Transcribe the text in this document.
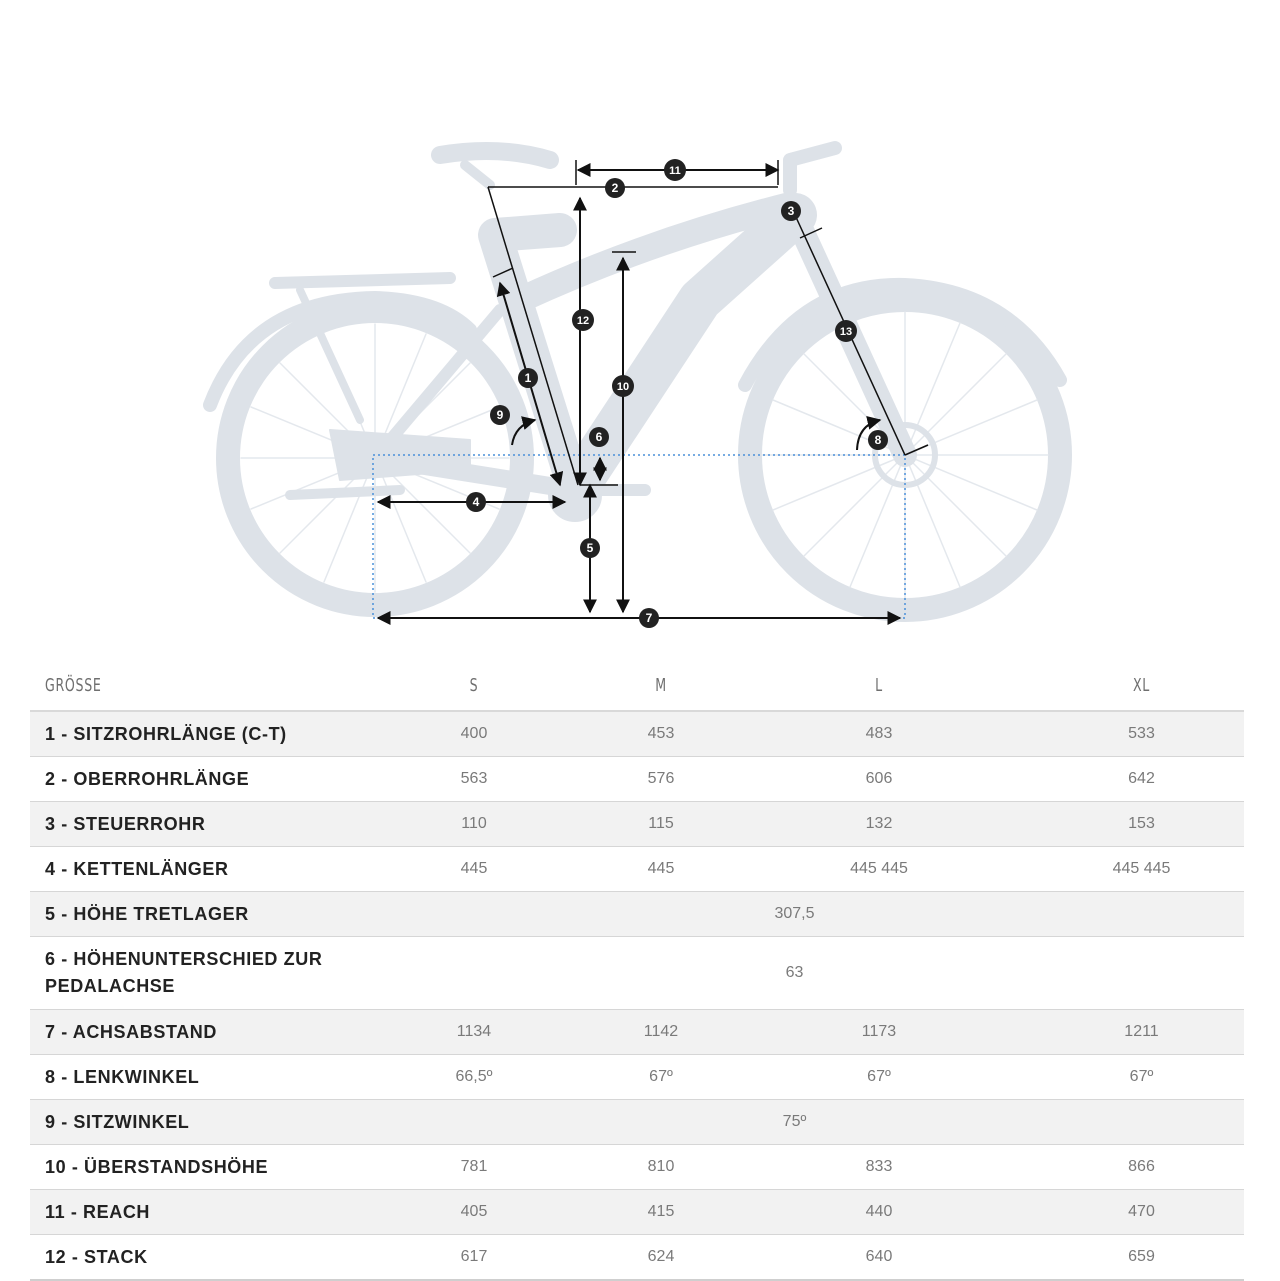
1
2
3
4
5
6
7
8
9
10
11
12
13
GRÖSSE	S	M	L	XL
1 - SITZROHRLÄNGE (C-T)	400	453	483	533
2 - OBERROHRLÄNGE	563	576	606	642
3 - STEUERROHR	110	115	132	153
4 - KETTENLÄNGER	445	445	445 445	445 445
5 - HÖHE TRETLAGER	307,5			
6 - HÖHENUNTERSCHIED ZUR
PEDALACHSE	63			
7 - ACHSABSTAND	1134	1142	1173	1211
8 - LENKWINKEL	66,5º	67º	67º	67º
9 - SITZWINKEL	75º			
10 - ÜBERSTANDSHÖHE	781	810	833	866
11 - REACH	405	415	440	470
12 - STACK	617	624	640	659
